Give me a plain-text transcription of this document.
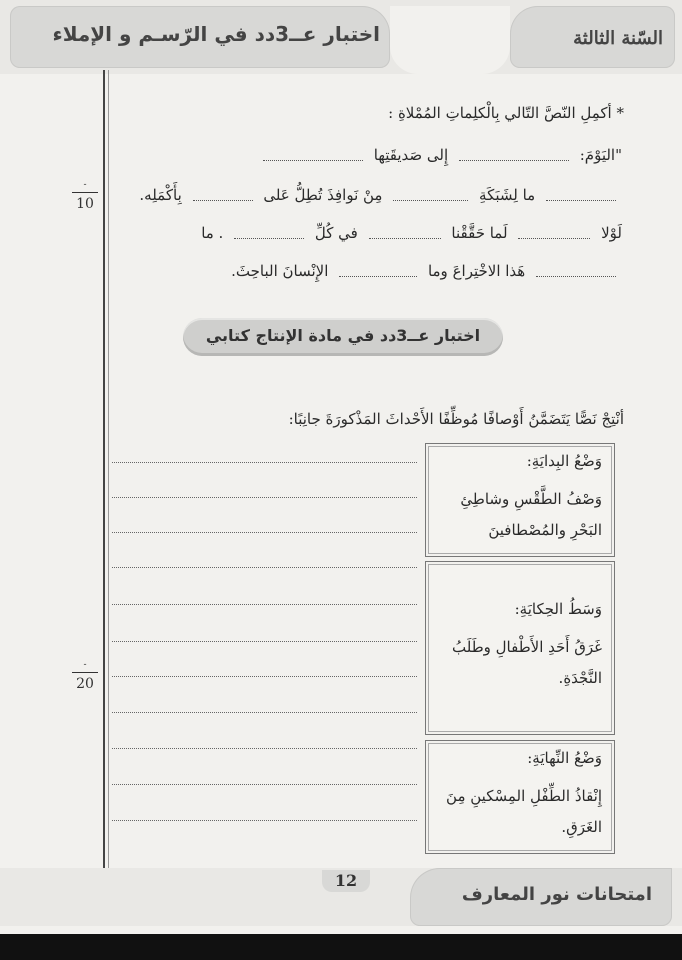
اختبار عــ3دد في الرّسـم و الإملاء	السّنة الثالثة
-
10
* أكمِلِ النّصَّ التّالي بِالْكلِماتِ المُمْلاةِ :
"اليَوْمَ:  إِلى صَديقَتِها
ما لِشَبَكَةِ  مِنْ نَوافِذَ تُطِلُّ عَلى  بِأَكْمَلِه.
لَوْلا  لَما حَقَّقْنا  في كُلِّ  . ما
هَذا الاخْتِراعَ وما  الإِنْسانَ الباحِثَ.
اختبار عــ3دد في مادة الإنتاج كتابي
أنْتِجْ نَصًّا يَتَضَمَّنُ أَوْصافًا مُوظِّفًا الأَحْداثَ المَذْكورَةَ جانِبًا:
-
20
وَضْعُ البِدايَةِ:
وَصْفُ الطَّقْسِ وشاطِئِ البَحْرِ والمُصْطافينَ
وَسَطُ الحِكايَةِ:
غَرَقُ أَحَدِ الأَطْفالِ وطَلَبُ النَّجْدَةِ.
وَضْعُ النِّهايَةِ:
إِنْقاذُ الطِّفْلِ المِسْكينِ مِنَ الغَرَقِ.
12
امتحانات نور المعارف
